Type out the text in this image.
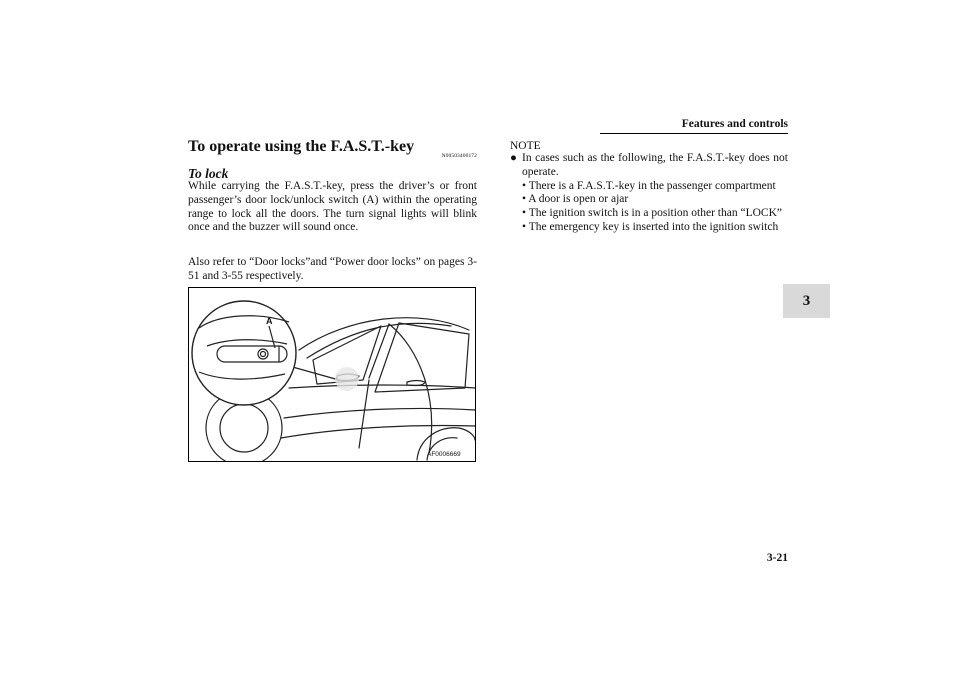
Features and controls
3
3-21
To operate using the F.A.S.T.-key
N00503400172
To lock
While carrying the F.A.S.T.-key, press the driver’s or front passenger’s door lock/unlock switch (A) within the operating range to lock all the doors. The turn signal lights will blink once and the buzzer will sound once.
Also refer to “Door locks”and “Power door locks” on pages 3-51 and 3-55 respectively.
A
AF0006669
NOTE
● In cases such as the following, the F.A.S.T.-key does not operate.
• There is a F.A.S.T.-key in the passenger compartment
• A door is open or ajar
• The ignition switch is in a position other than “LOCK”
• The emergency key is inserted into the ignition switch
